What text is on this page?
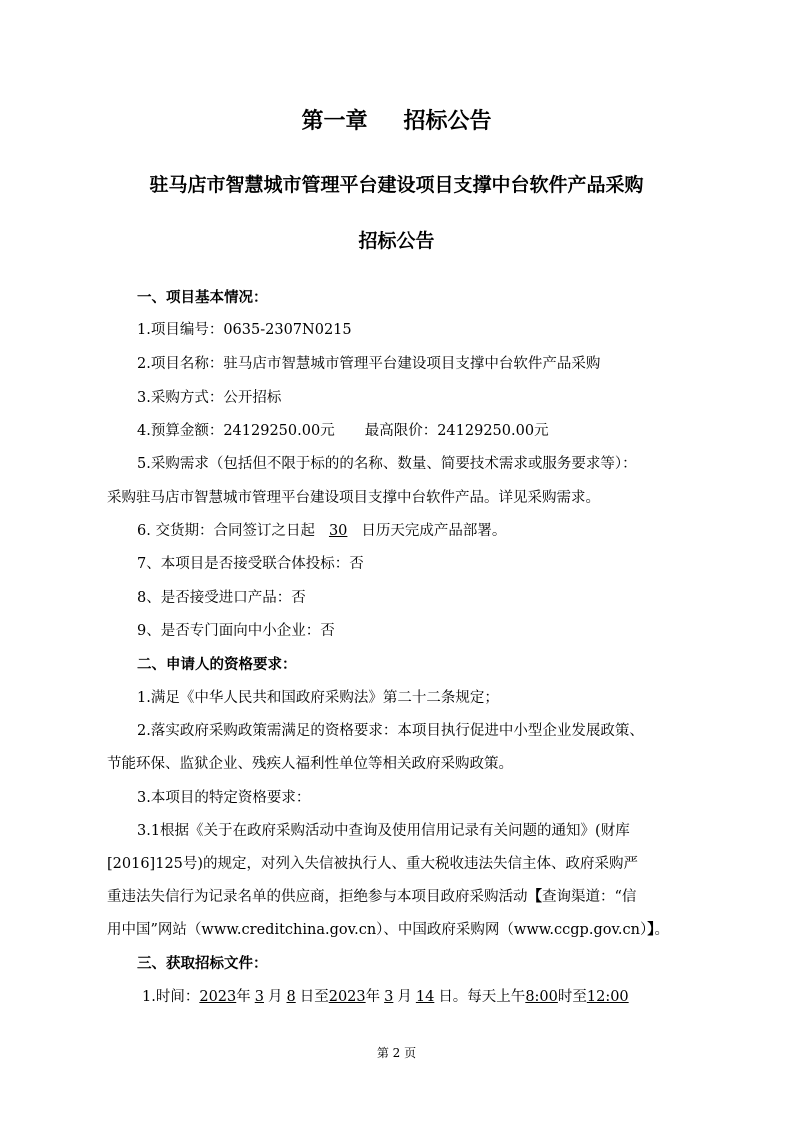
第一章 招标公告
驻马店市智慧城市管理平台建设项目支撑中台软件产品采购
招标公告
一、项目基本情况：
1.项目编号：0635-2307N0215
2.项目名称：驻马店市智慧城市管理平台建设项目支撑中台软件产品采购
3.采购方式：公开招标
4.预算金额：24129250.00元 最高限价：24129250.00元
5.采购需求（包括但不限于标的的名称、数量、简要技术需求或服务要求等）：
采购驻马店市智慧城市管理平台建设项目支撑中台软件产品。详见采购需求。
6. 交货期：合同签订之日起 30 日历天完成产品部署。
7、本项目是否接受联合体投标：否
8、是否接受进口产品：否
9、是否专门面向中小企业：否
二、申请人的资格要求：
1.满足《中华人民共和国政府采购法》第二十二条规定；
2.落实政府采购政策需满足的资格要求：本项目执行促进中小型企业发展政策、
节能环保、监狱企业、残疾人福利性单位等相关政府采购政策。
3.本项目的特定资格要求：
3.1根据《关于在政府采购活动中查询及使用信用记录有关问题的通知》(财库
[2016]125号)的规定，对列入失信被执行人、重大税收违法失信主体、政府采购严
重违法失信行为记录名单的供应商，拒绝参与本项目政府采购活动【查询渠道：“信
用中国”网站（www.creditchina.gov.cn）、中国政府采购网（www.ccgp.gov.cn）】。
三、获取招标文件：
1.时间：2023年 3 月 8 日至2023年 3 月 14 日。每天上午8:00时至12:00
第 2 页
